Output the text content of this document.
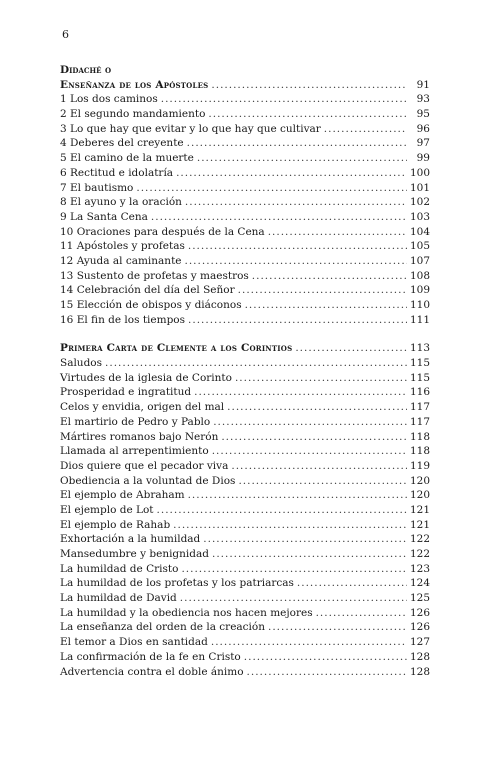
6
Didaché o
Enseñanza de los Apóstoles .....	91
1 Los dos caminos .....	93
2 El segundo mandamiento .....	95
3 Lo que hay que evitar y lo que hay que cultivar .....	96
4 Deberes del creyente .....	97
5 El camino de la muerte .....	99
6 Rectitud e idolatría .....	100
7 El bautismo .....	101
8 El ayuno y la oración .....	102
9 La Santa Cena .....	103
10 Oraciones para después de la Cena .....	104
11 Apóstoles y profetas .....	105
12 Ayuda al caminante .....	107
13 Sustento de profetas y maestros .....	108
14 Celebración del día del Señor .....	109
15 Elección de obispos y diáconos .....	110
16 El fin de los tiempos .....	111
Primera Carta de Clemente a los Corintios .....	113
Saludos .....	115
Virtudes de la iglesia de Corinto .....	115
Prosperidad e ingratitud .....	116
Celos y envidia, origen del mal .....	117
El martirio de Pedro y Pablo .....	117
Mártires romanos bajo Nerón .....	118
Llamada al arrepentimiento .....	118
Dios quiere que el pecador viva .....	119
Obediencia a la voluntad de Dios .....	120
El ejemplo de Abraham .....	120
El ejemplo de Lot .....	121
El ejemplo de Rahab .....	121
Exhortación a la humildad .....	122
Mansedumbre y benignidad .....	122
La humildad de Cristo .....	123
La humildad de los profetas y los patriarcas .....	124
La humildad de David .....	125
La humildad y la obediencia nos hacen mejores .....	126
La enseñanza del orden de la creación .....	126
El temor a Dios en santidad .....	127
La confirmación de la fe en Cristo .....	128
Advertencia contra el doble ánimo .....	128
